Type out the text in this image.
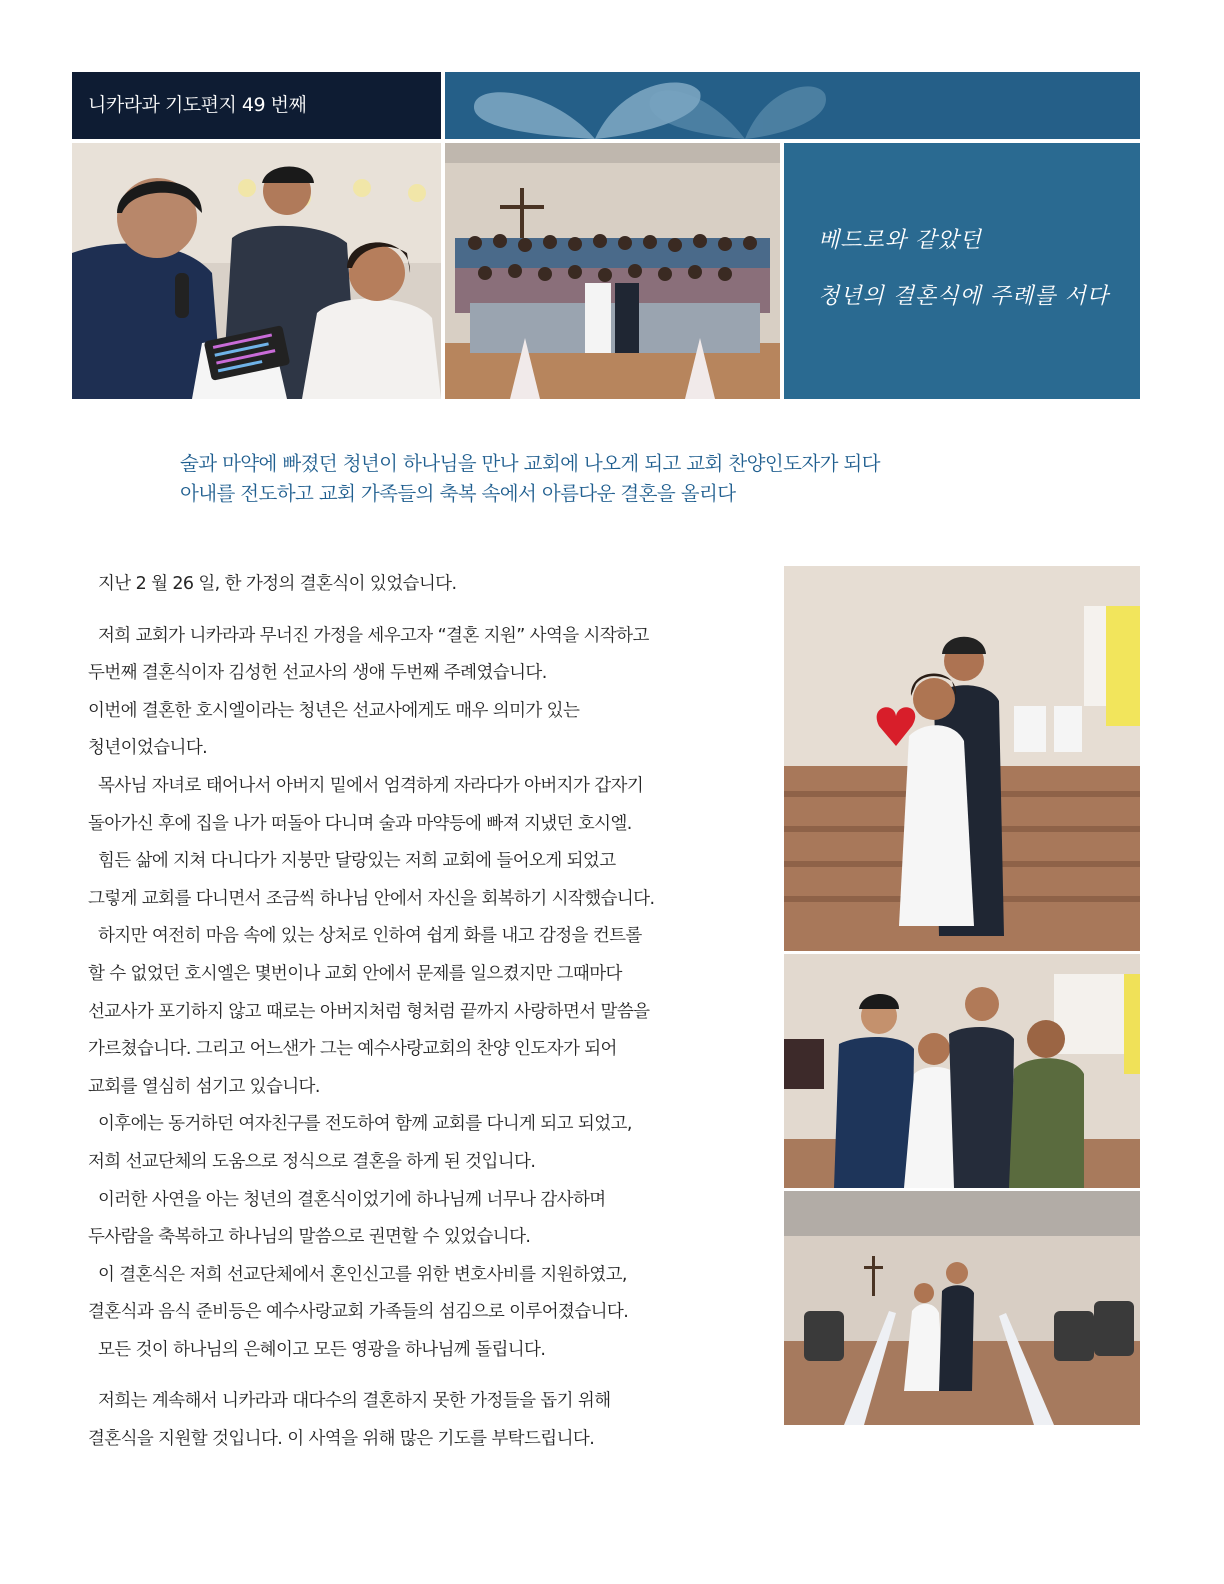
니카라과 기도편지 49 번째
베드로와 같았던
청년의 결혼식에 주례를 서다
술과 마약에 빠졌던 청년이 하나님을 만나 교회에 나오게 되고 교회 찬양인도자가 되다
아내를 전도하고 교회 가족들의 축복 속에서 아름다운 결혼을 올리다

지난 2 월 26 일, 한 가정의 결혼식이 있었습니다.

저희 교회가 니카라과 무너진 가정을 세우고자 “결혼 지원” 사역을 시작하고

두번째 결혼식이자 김성헌 선교사의 생애 두번째 주례였습니다.

이번에 결혼한 호시엘이라는 청년은 선교사에게도 매우 의미가 있는

청년이었습니다.

목사님 자녀로 태어나서 아버지 밑에서 엄격하게 자라다가 아버지가 갑자기

돌아가신 후에 집을 나가 떠돌아 다니며 술과 마약등에 빠져 지냈던 호시엘.

힘든 삶에 지쳐 다니다가 지붕만 달랑있는 저희 교회에 들어오게 되었고

그렇게 교회를 다니면서 조금씩 하나님 안에서 자신을 회복하기 시작했습니다.

하지만 여전히 마음 속에 있는 상처로 인하여 쉽게 화를 내고 감정을 컨트롤

할 수 없었던 호시엘은 몇번이나 교회 안에서 문제를 일으켰지만 그때마다

선교사가 포기하지 않고 때로는 아버지처럼 형처럼 끝까지 사랑하면서 말씀을

가르쳤습니다. 그리고 어느샌가 그는 예수사랑교회의 찬양 인도자가 되어

교회를 열심히 섬기고 있습니다.

이후에는 동거하던 여자친구를 전도하여 함께 교회를 다니게 되고 되었고,

저희 선교단체의 도움으로 정식으로 결혼을 하게 된 것입니다.

이러한 사연을 아는 청년의 결혼식이었기에 하나님께 너무나 감사하며

두사람을 축복하고 하나님의 말씀으로 권면할 수 있었습니다.

이 결혼식은 저희 선교단체에서 혼인신고를 위한 변호사비를 지원하였고,

결혼식과 음식 준비등은 예수사랑교회 가족들의 섬김으로 이루어졌습니다.

모든 것이 하나님의 은혜이고 모든 영광을 하나님께 돌립니다.

저희는 계속해서 니카라과 대다수의 결혼하지 못한 가정들을 돕기 위해

결혼식을 지원할 것입니다. 이 사역을 위해 많은 기도를 부탁드립니다.
